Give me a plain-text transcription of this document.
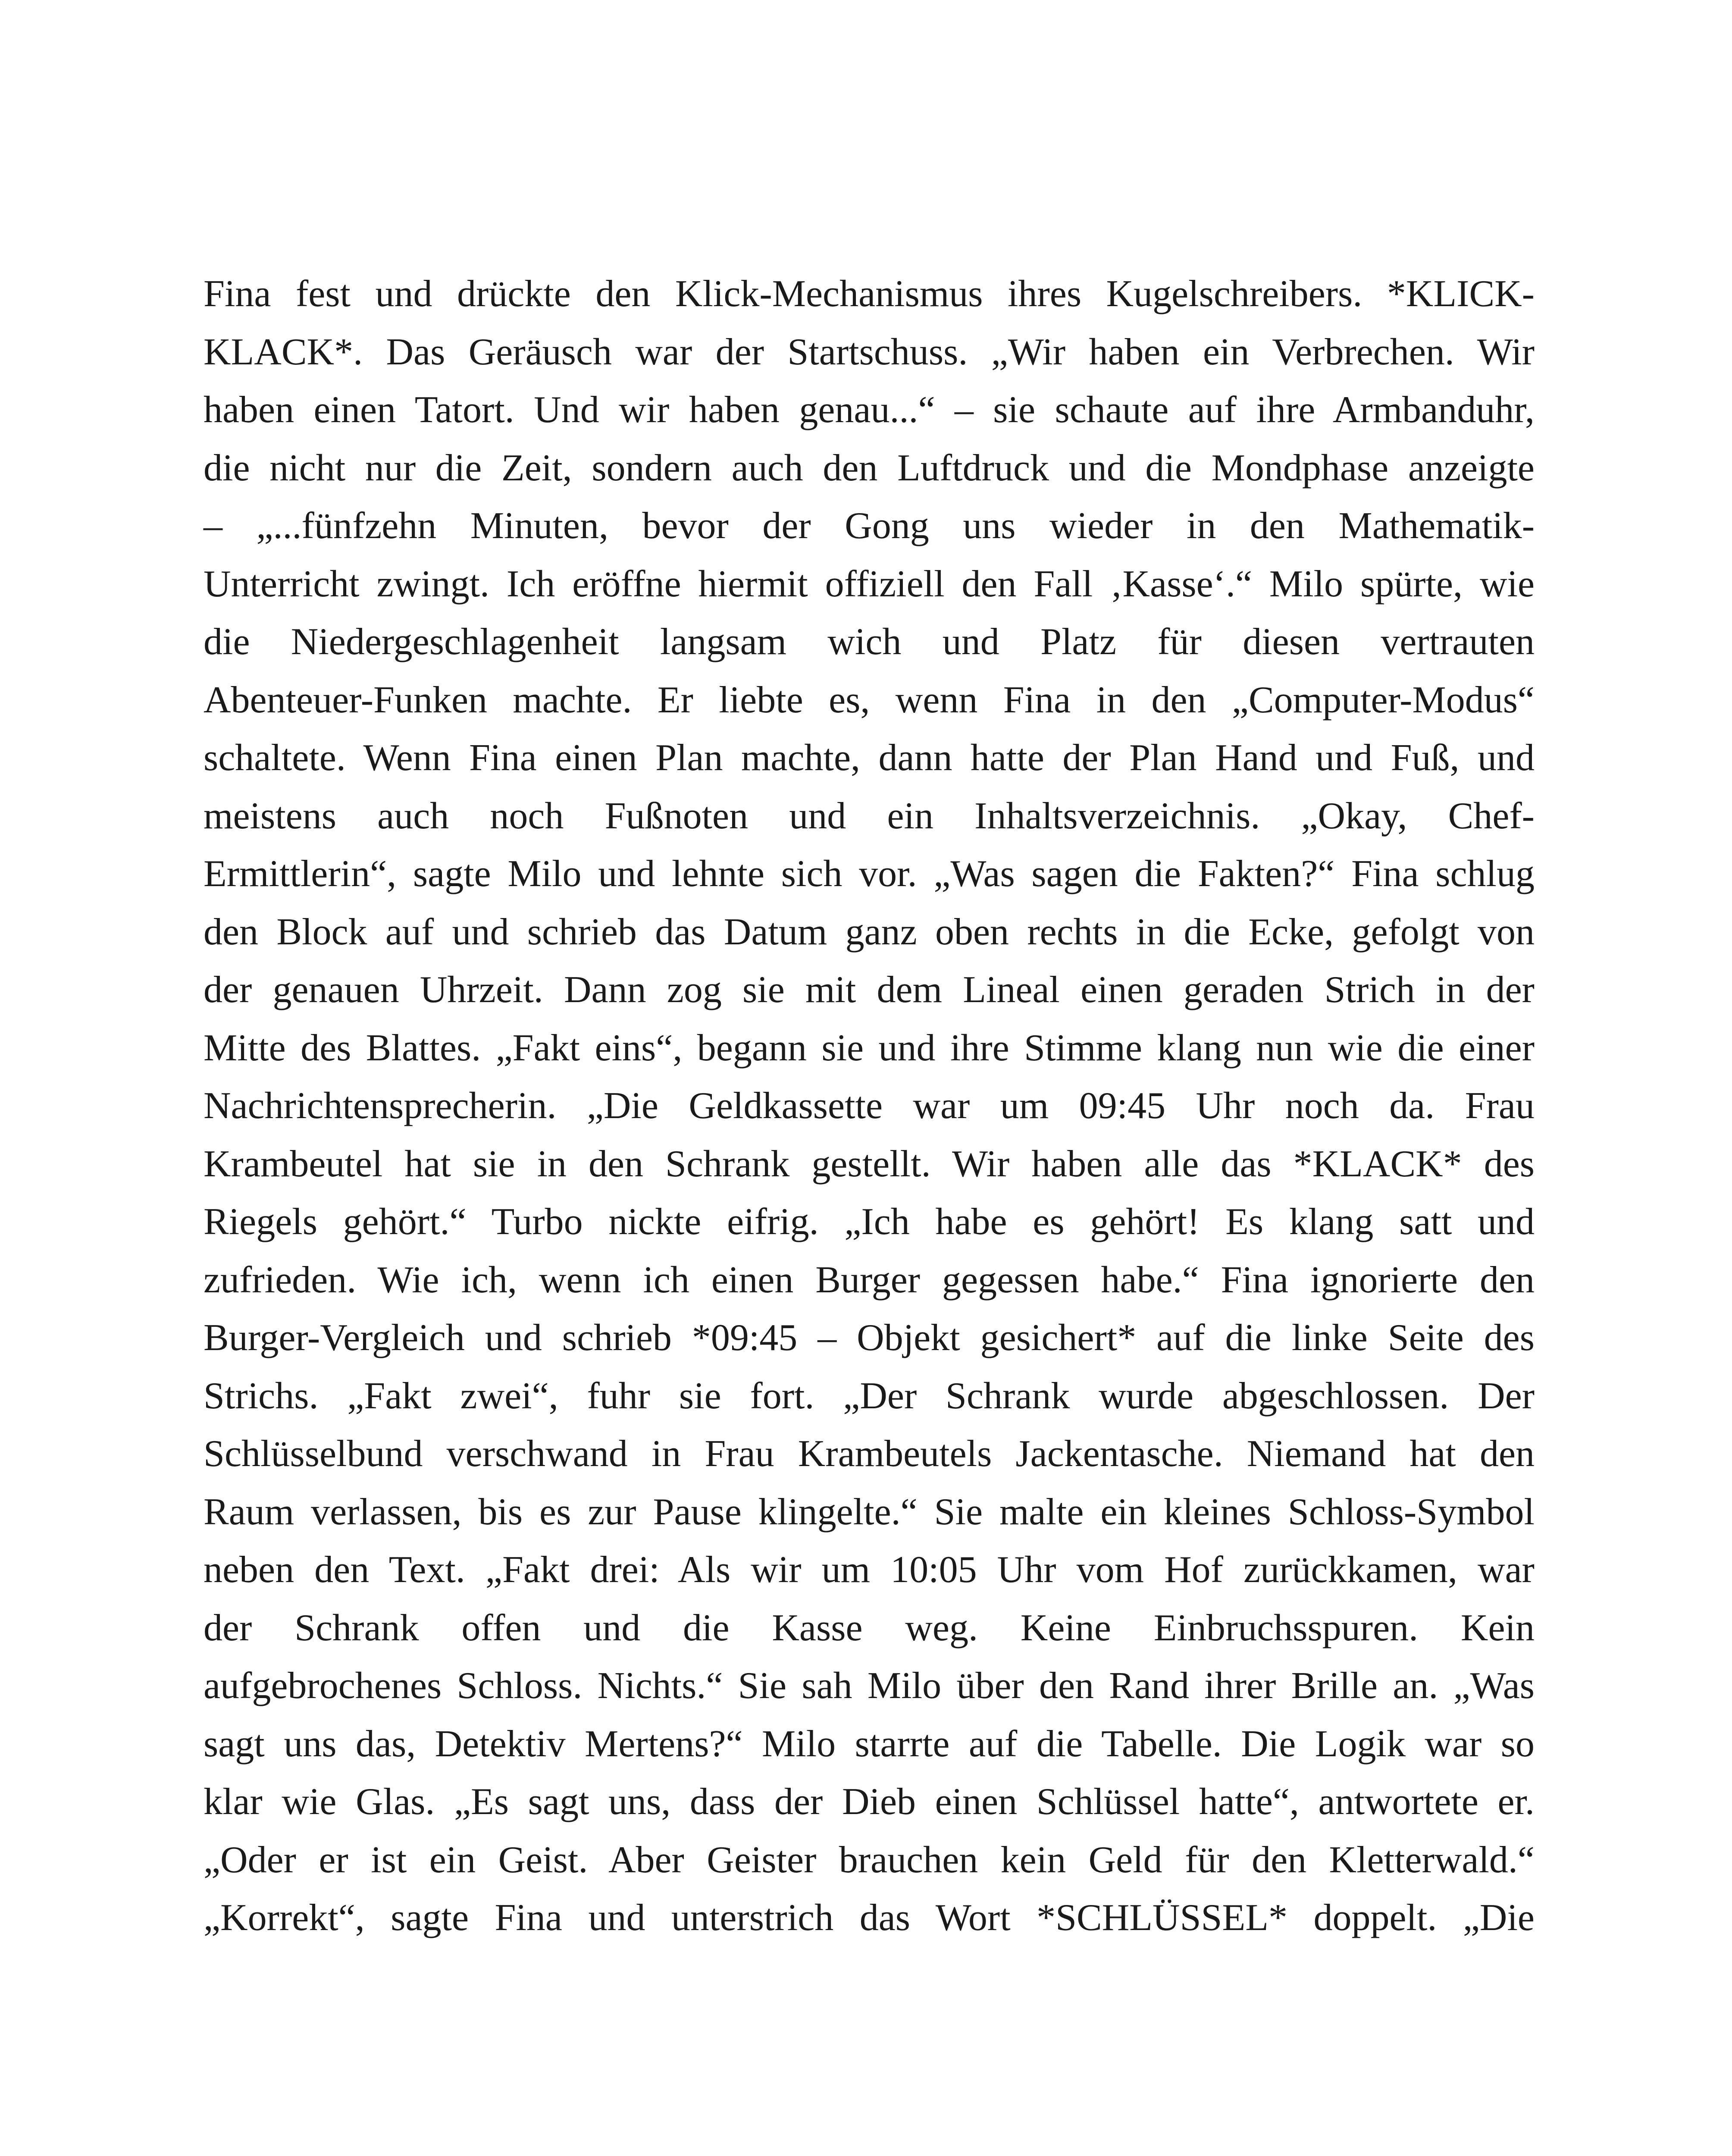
Fina fest und drückte den Klick-Mechanismus ihres Kugelschreibers. *KLICK-
KLACK*. Das Geräusch war der Startschuss. „Wir haben ein Verbrechen. Wir
haben einen Tatort. Und wir haben genau...“ – sie schaute auf ihre Armbanduhr,
die nicht nur die Zeit, sondern auch den Luftdruck und die Mondphase anzeigte
– „...fünfzehn Minuten, bevor der Gong uns wieder in den Mathematik-
Unterricht zwingt. Ich eröffne hiermit offiziell den Fall ‚Kasse‘.“ Milo spürte, wie
die Niedergeschlagenheit langsam wich und Platz für diesen vertrauten
Abenteuer-Funken machte. Er liebte es, wenn Fina in den „Computer-Modus“
schaltete. Wenn Fina einen Plan machte, dann hatte der Plan Hand und Fuß, und
meistens auch noch Fußnoten und ein Inhaltsverzeichnis. „Okay, Chef-
Ermittlerin“, sagte Milo und lehnte sich vor. „Was sagen die Fakten?“ Fina schlug
den Block auf und schrieb das Datum ganz oben rechts in die Ecke, gefolgt von
der genauen Uhrzeit. Dann zog sie mit dem Lineal einen geraden Strich in der
Mitte des Blattes. „Fakt eins“, begann sie und ihre Stimme klang nun wie die einer
Nachrichtensprecherin. „Die Geldkassette war um 09:45 Uhr noch da. Frau
Krambeutel hat sie in den Schrank gestellt. Wir haben alle das *KLACK* des
Riegels gehört.“ Turbo nickte eifrig. „Ich habe es gehört! Es klang satt und
zufrieden. Wie ich, wenn ich einen Burger gegessen habe.“ Fina ignorierte den
Burger-Vergleich und schrieb *09:45 – Objekt gesichert* auf die linke Seite des
Strichs. „Fakt zwei“, fuhr sie fort. „Der Schrank wurde abgeschlossen. Der
Schlüsselbund verschwand in Frau Krambeutels Jackentasche. Niemand hat den
Raum verlassen, bis es zur Pause klingelte.“ Sie malte ein kleines Schloss-Symbol
neben den Text. „Fakt drei: Als wir um 10:05 Uhr vom Hof zurückkamen, war
der Schrank offen und die Kasse weg. Keine Einbruchsspuren. Kein
aufgebrochenes Schloss. Nichts.“ Sie sah Milo über den Rand ihrer Brille an. „Was
sagt uns das, Detektiv Mertens?“ Milo starrte auf die Tabelle. Die Logik war so
klar wie Glas. „Es sagt uns, dass der Dieb einen Schlüssel hatte“, antwortete er.
„Oder er ist ein Geist. Aber Geister brauchen kein Geld für den Kletterwald.“
„Korrekt“, sagte Fina und unterstrich das Wort *SCHLÜSSEL* doppelt. „Die
